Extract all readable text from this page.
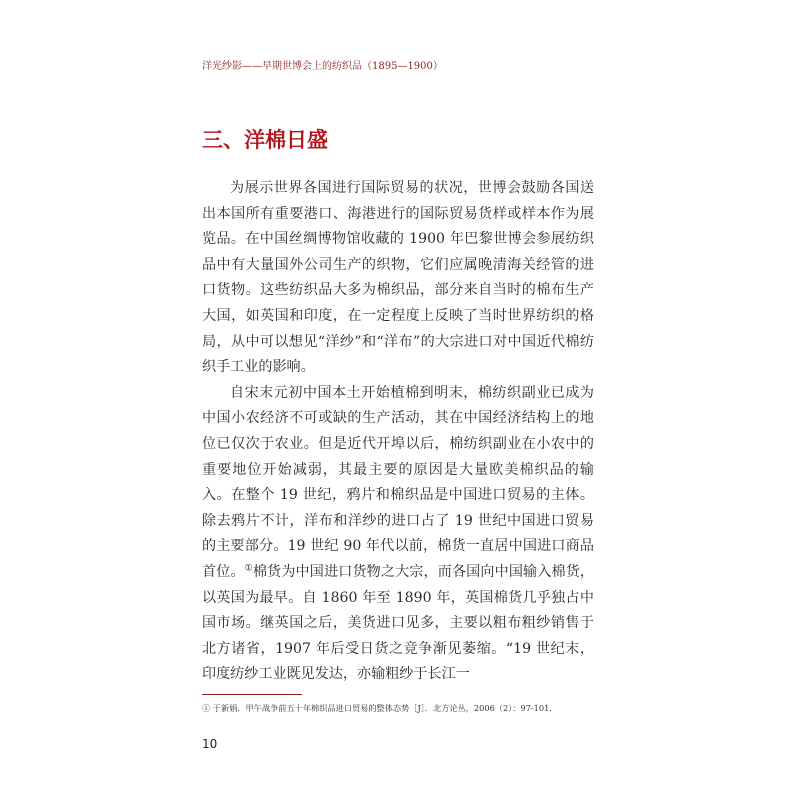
洋光纱影——早期世博会上的纺织品（1895—1900）
三、洋棉日盛

为展示世界各国进行国际贸易的状况，世博会鼓励各国送出本国所有重要港口、海港进行的国际贸易货样或样本作为展览品。在中国丝绸博物馆收藏的 1900 年巴黎世博会参展纺织品中有大量国外公司生产的织物，它们应属晚清海关经管的进口货物。这些纺织品大多为棉织品，部分来自当时的棉布生产大国，如英国和印度，在一定程度上反映了当时世界纺织的格局，从中可以想见“洋纱”和“洋布”的大宗进口对中国近代棉纺织手工业的影响。

自宋末元初中国本土开始植棉到明末，棉纺织副业已成为中国小农经济不可或缺的生产活动，其在中国经济结构上的地位已仅次于农业。但是近代开埠以后，棉纺织副业在小农中的重要地位开始减弱，其最主要的原因是大量欧美棉织品的输入。在整个 19 世纪，鸦片和棉织品是中国进口贸易的主体。除去鸦片不计，洋布和洋纱的进口占了 19 世纪中国进口贸易的主要部分。19 世纪 90 年代以前，棉货一直居中国进口商品首位。①棉货为中国进口货物之大宗，而各国向中国输入棉货，以英国为最早。自 1860 年至 1890 年，英国棉货几乎独占中国市场。继英国之后，美货进口见多，主要以粗布粗纱销售于北方诸省，1907 年后受日货之竞争渐见萎缩。“19 世纪末，印度纺纱工业既见发达，亦输粗纱于长江一

① 于新娟．甲午战争前五十年棉织品进口贸易的整体态势［J］．北方论丛，2006（2）：97-101.
10
